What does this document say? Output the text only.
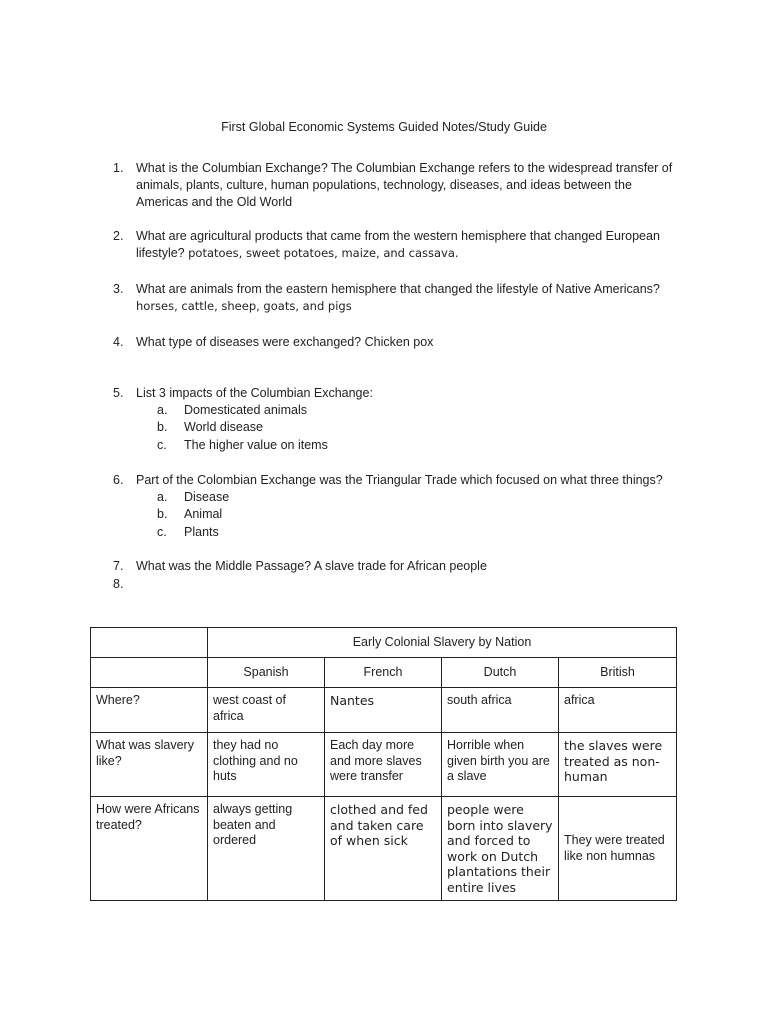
First Global Economic Systems Guided Notes/Study Guide
1. What is the Columbian Exchange? The Columbian Exchange refers to the widespread transfer of animals, plants, culture, human populations, technology, diseases, and ideas between the Americas and the Old World
2. What are agricultural products that came from the western hemisphere that changed European lifestyle? potatoes, sweet potatoes, maize, and cassava.
3. What are animals from the eastern hemisphere that changed the lifestyle of Native Americans? horses, cattle, sheep, goats, and pigs
4. What type of diseases were exchanged? Chicken pox
5. List 3 impacts of the Columbian Exchange:
a. Domesticated animals
b. World disease
c. The higher value on items
6. Part of the Colombian Exchange was the Triangular Trade which focused on what three things?
a. Disease
b. Animal
c. Plants
7. What was the Middle Passage? A slave trade for African people
8.

	Early Colonial Slavery by Nation			
	Spanish	French	Dutch	British
Where?	west coast of africa	Nantes	south africa	africa
What was slavery like?	they had no clothing and no huts	Each day more and more slaves were transfer	Horrible when given birth you are a slave	the slaves were treated as non-human
How were Africans treated?	always getting beaten and ordered	clothed and fed and taken care of when sick	people were born into slavery and forced to work on Dutch plantations their entire lives	They were treated like non humnas
